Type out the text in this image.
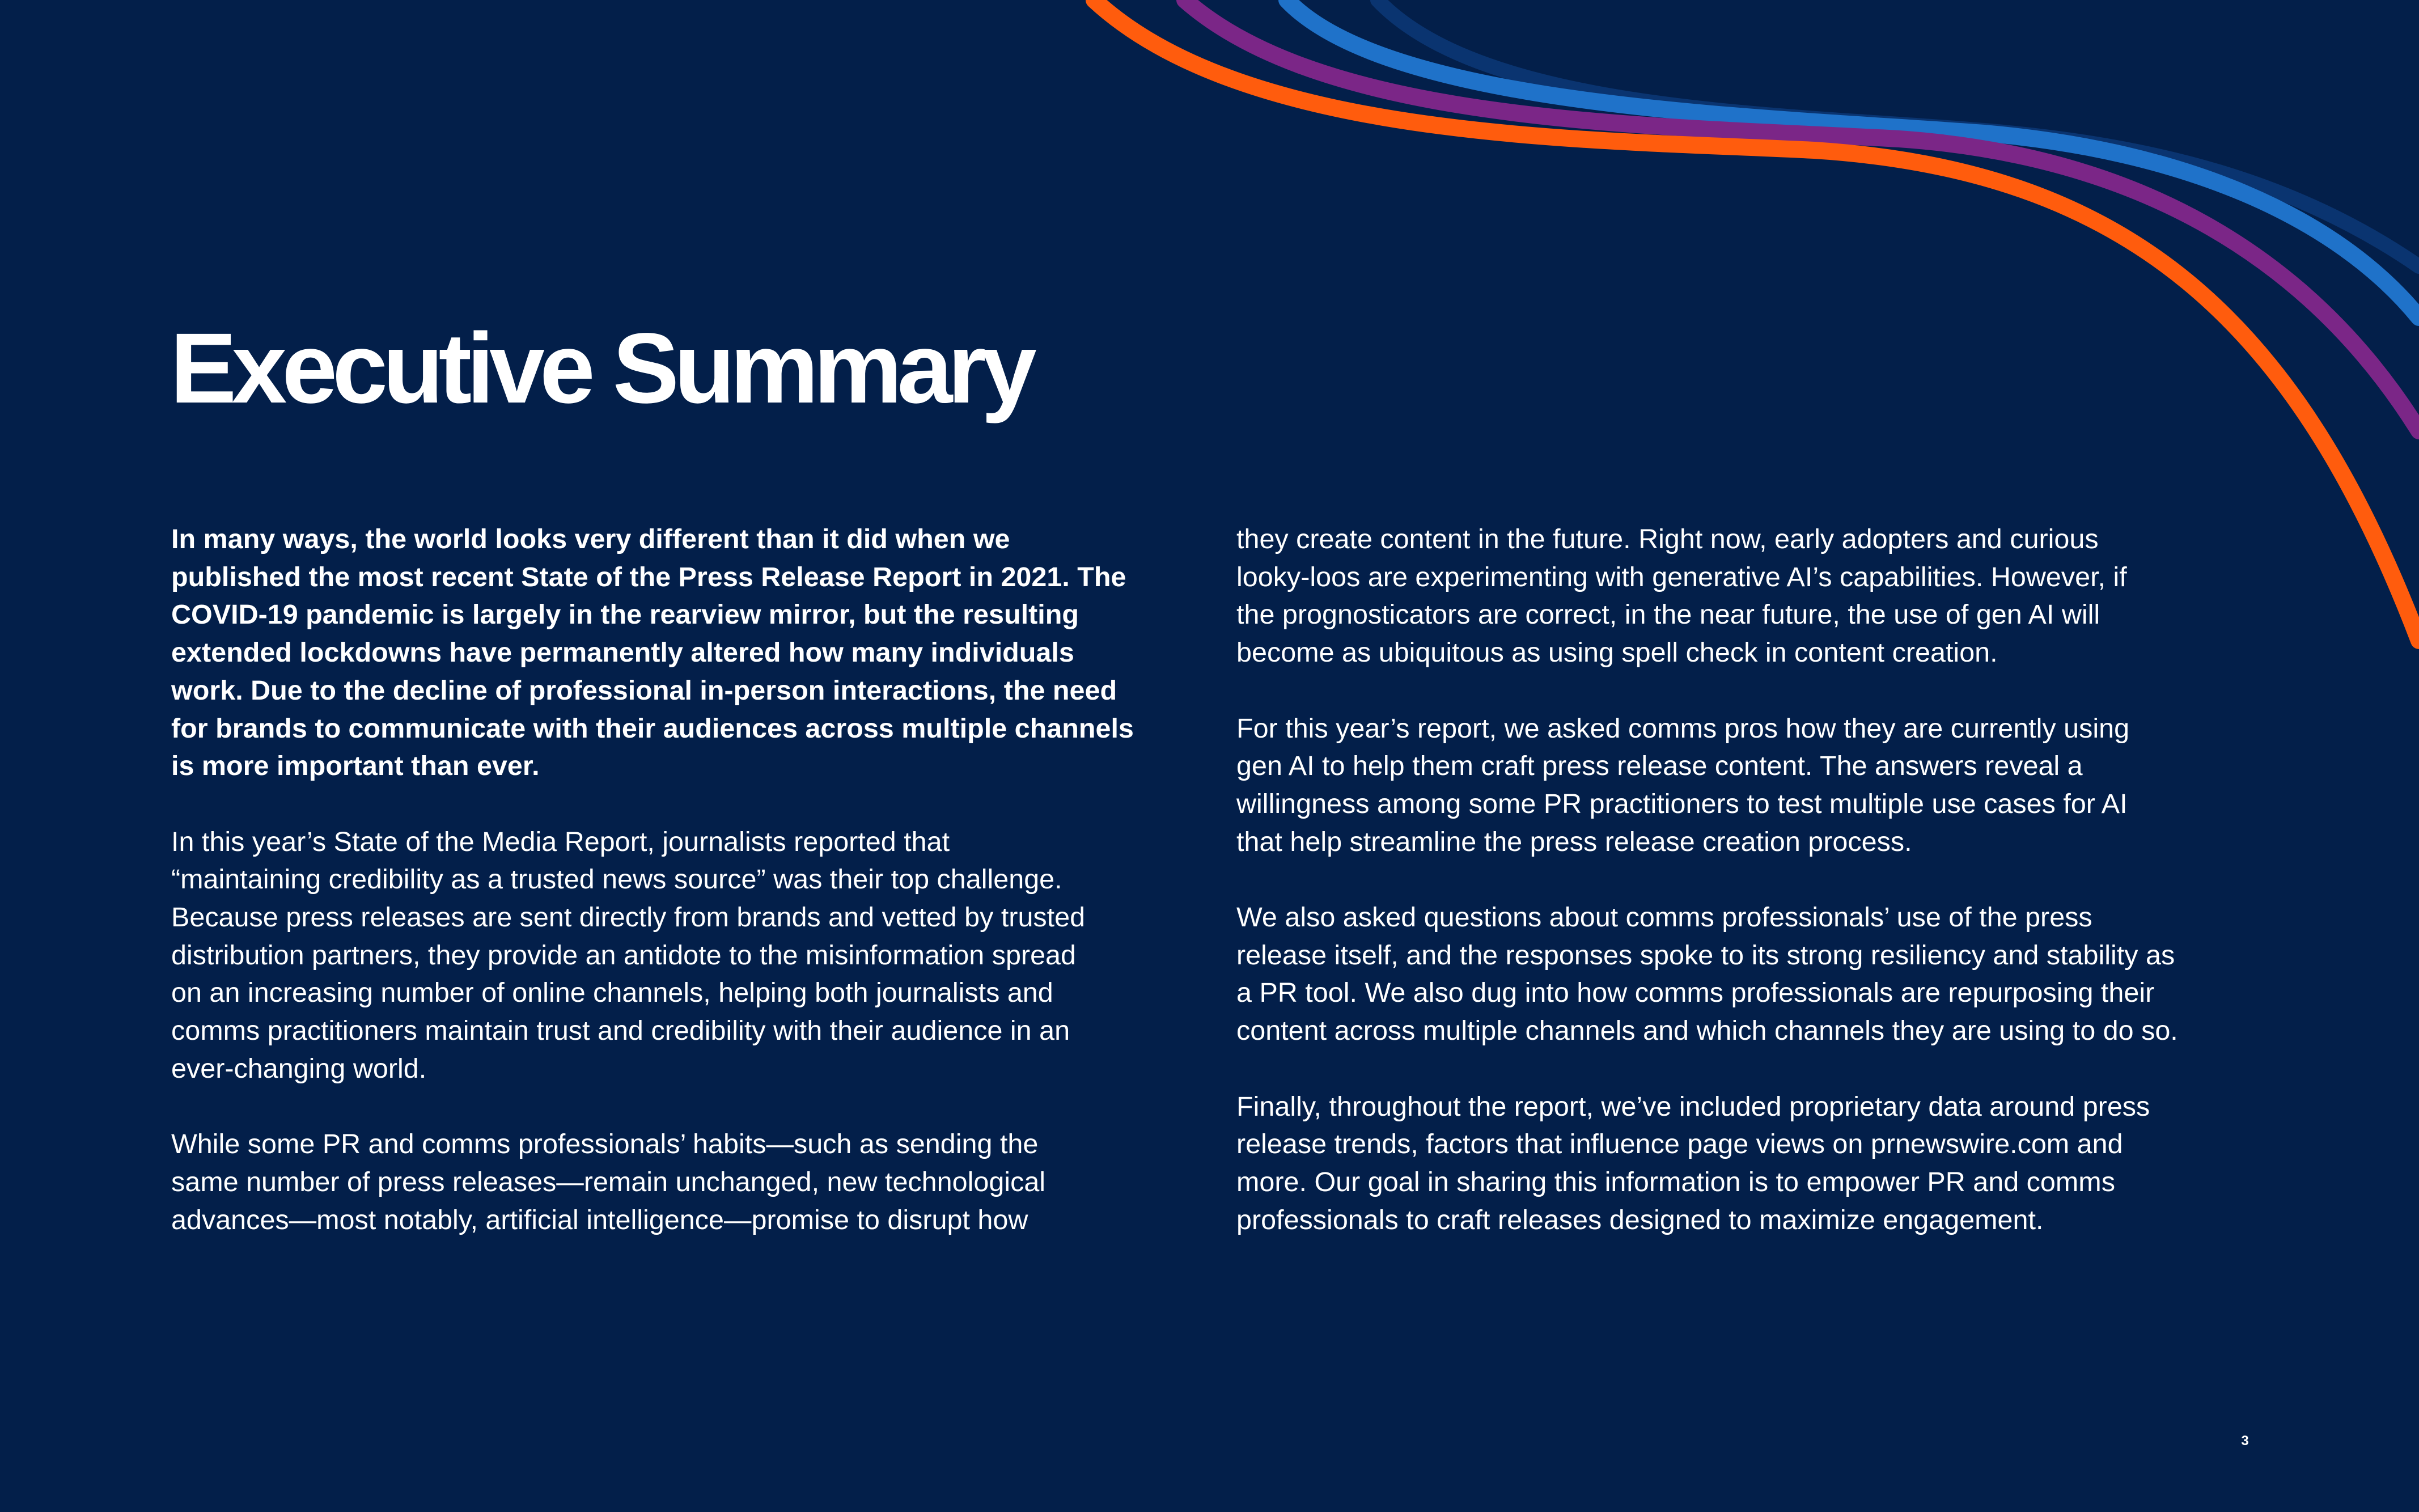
Executive Summary

In many ways, the world looks very different than it did when we
published the most recent State of the Press Release Report in 2021. The
COVID-19 pandemic is largely in the rearview mirror, but the resulting
extended lockdowns have permanently altered how many individuals
work. Due to the decline of professional in-person interactions, the need
for brands to communicate with their audiences across multiple channels
is more important than ever.

In this year’s State of the Media Report, journalists reported that
“maintaining credibility as a trusted news source” was their top challenge.
Because press releases are sent directly from brands and vetted by trusted
distribution partners, they provide an antidote to the misinformation spread
on an increasing number of online channels, helping both journalists and
comms practitioners maintain trust and credibility with their audience in an
ever-changing world.

While some PR and comms professionals’ habits—such as sending the
same number of press releases—remain unchanged, new technological
advances—most notably, artificial intelligence—promise to disrupt how

they create content in the future. Right now, early adopters and curious
looky-loos are experimenting with generative AI’s capabilities. However, if
the prognosticators are correct, in the near future, the use of gen AI will
become as ubiquitous as using spell check in content creation.

For this year’s report, we asked comms pros how they are currently using
gen AI to help them craft press release content. The answers reveal a
willingness among some PR practitioners to test multiple use cases for AI
that help streamline the press release creation process.

We also asked questions about comms professionals’ use of the press
release itself, and the responses spoke to its strong resiliency and stability as
a PR tool. We also dug into how comms professionals are repurposing their
content across multiple channels and which channels they are using to do so.

Finally, throughout the report, we’ve included proprietary data around press
release trends, factors that influence page views on prnewswire.com and
more. Our goal in sharing this information is to empower PR and comms
professionals to craft releases designed to maximize engagement.

3
